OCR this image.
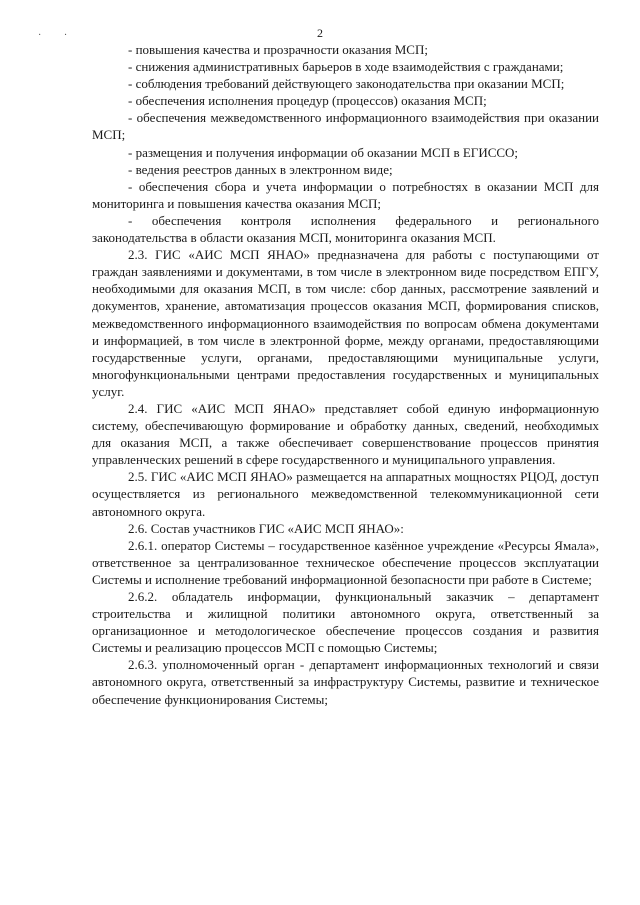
· ·	2

- повышения качества и прозрачности оказания МСП;

- снижения административных барьеров в ходе взаимодействия с гражданами;

- соблюдения требований действующего законодательства при оказании МСП;

- обеспечения исполнения процедур (процессов) оказания МСП;

- обеспечения межведомственного информационного взаимодействия при оказании МСП;

- размещения и получения информации об оказании МСП в ЕГИССО;

- ведения реестров данных в электронном виде;

- обеспечения сбора и учета информации о потребностях в оказании МСП для мониторинга и повышения качества оказания МСП;

- обеспечения контроля исполнения федерального и регионального законодательства в области оказания МСП, мониторинга оказания МСП.

2.3. ГИС «АИС МСП ЯНАО» предназначена для работы с поступающими от граждан заявлениями и документами, в том числе в электронном виде посредством ЕПГУ, необходимыми для оказания МСП, в том числе: сбор данных, рассмотрение заявлений и документов, хранение, автоматизация процессов оказания МСП, формирования списков, межведомственного информационного взаимодействия по вопросам обмена документами и информацией, в том числе в электронной форме, между органами, предоставляющими государственные услуги, органами, предоставляющими муниципальные услуги, многофункциональными центрами предоставления государственных и муниципальных услуг.

2.4. ГИС «АИС МСП ЯНАО» представляет собой единую информационную систему, обеспечивающую формирование и обработку данных, сведений, необходимых для оказания МСП, а также обеспечивает совершенствование процессов принятия управленческих решений в сфере государственного и муниципального управления.

2.5. ГИС «АИС МСП ЯНАО» размещается на аппаратных мощностях РЦОД, доступ осуществляется из регионального межведомственной телекоммуникационной сети автономного округа.

2.6. Состав участников ГИС «АИС МСП ЯНАО»:

2.6.1. оператор Системы – государственное казённое учреждение «Ресурсы Ямала», ответственное за централизованное техническое обеспечение процессов эксплуатации Системы и исполнение требований информационной безопасности при работе в Системе;

2.6.2. обладатель информации, функциональный заказчик – департамент строительства и жилищной политики автономного округа, ответственный за организационное и методологическое обеспечение процессов создания и развития Системы и реализацию процессов МСП с помощью Системы;

2.6.3. уполномоченный орган - департамент информационных технологий и связи автономного округа, ответственный за инфраструктуру Системы, развитие и техническое обеспечение функционирования Системы;
